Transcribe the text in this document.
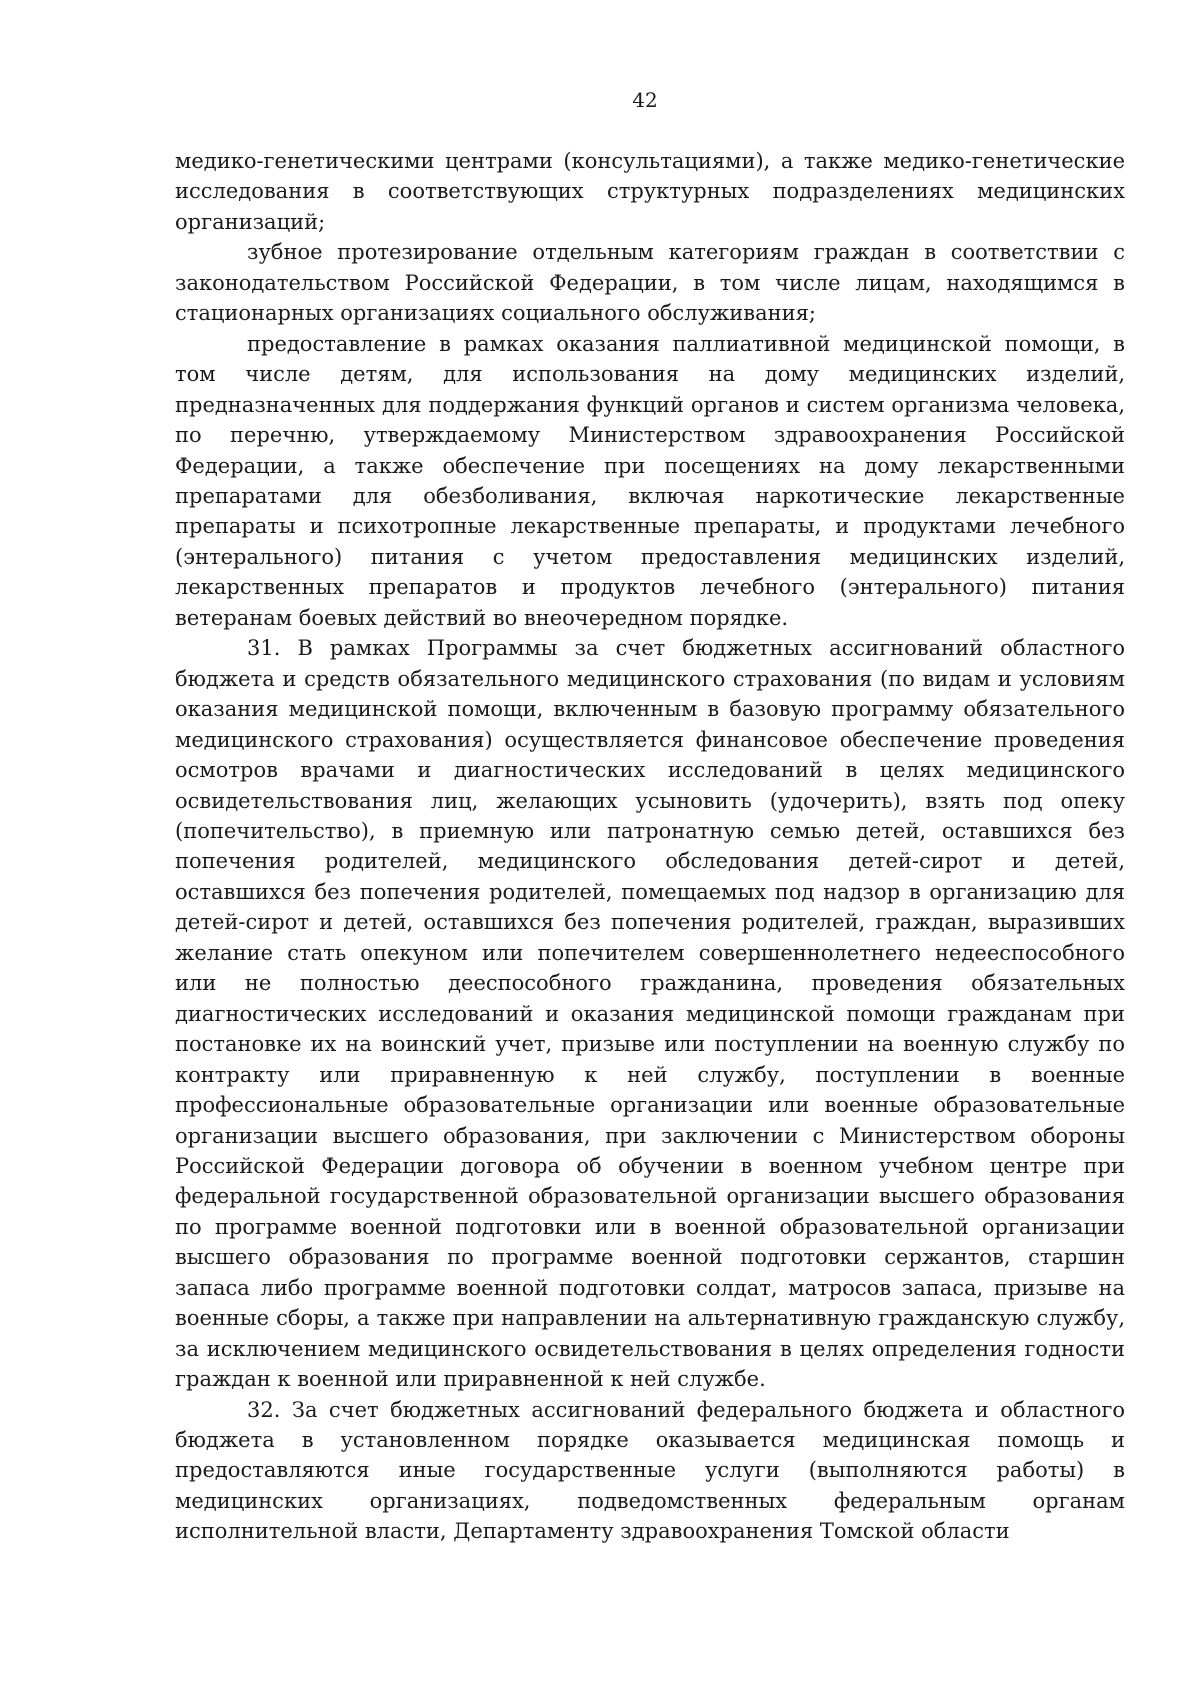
42

медико-генетическими центрами (консультациями), а также медико-генетические исследования в соответствующих структурных подразделениях медицинских организаций;

зубное протезирование отдельным категориям граждан в соответствии с законодательством Российской Федерации, в том числе лицам, находящимся в стационарных организациях социального обслуживания;

предоставление в рамках оказания паллиативной медицинской помощи, в том числе детям, для использования на дому медицинских изделий, предназначенных для поддержания функций органов и систем организма человека, по перечню, утверждаемому Министерством здравоохранения Российской Федерации, а также обеспечение при посещениях на дому лекарственными препаратами для обезболивания, включая наркотические лекарственные препараты и психотропные лекарственные препараты, и продуктами лечебного (энтерального) питания с учетом предоставления медицинских изделий, лекарственных препаратов и продуктов лечебного (энтерального) питания ветеранам боевых действий во внеочередном порядке.

31. В рамках Программы за счет бюджетных ассигнований областного бюджета и средств обязательного медицинского страхования (по видам и условиям оказания медицинской помощи, включенным в базовую программу обязательного медицинского страхования) осуществляется финансовое обеспечение проведения осмотров врачами и диагностических исследований в целях медицинского освидетельствования лиц, желающих усыновить (удочерить), взять под опеку (попечительство), в приемную или патронатную семью детей, оставшихся без попечения родителей, медицинского обследования детей-сирот и детей, оставшихся без попечения родителей, помещаемых под надзор в организацию для детей-сирот и детей, оставшихся без попечения родителей, граждан, выразивших желание стать опекуном или попечителем совершеннолетнего недееспособного или не полностью дееспособного гражданина, проведения обязательных диагностических исследований и оказания медицинской помощи гражданам при постановке их на воинский учет, призыве или поступлении на военную службу по контракту или приравненную к ней службу, поступлении в военные профессиональные образовательные организации или военные образовательные организации высшего образования, при заключении с Министерством обороны Российской Федерации договора об обучении в военном учебном центре при федеральной государственной образовательной организации высшего образования по программе военной подготовки или в военной образовательной организации высшего образования по программе военной подготовки сержантов, старшин запаса либо программе военной подготовки солдат, матросов запаса, призыве на военные сборы, а также при направлении на альтернативную гражданскую службу, за исключением медицинского освидетельствования в целях определения годности граждан к военной или приравненной к ней службе.

32. За счет бюджетных ассигнований федерального бюджета и областного бюджета в установленном порядке оказывается медицинская помощь и предоставляются иные государственные услуги (выполняются работы) в медицинских организациях, подведомственных федеральным органам исполнительной власти, Департаменту здравоохранения Томской области
